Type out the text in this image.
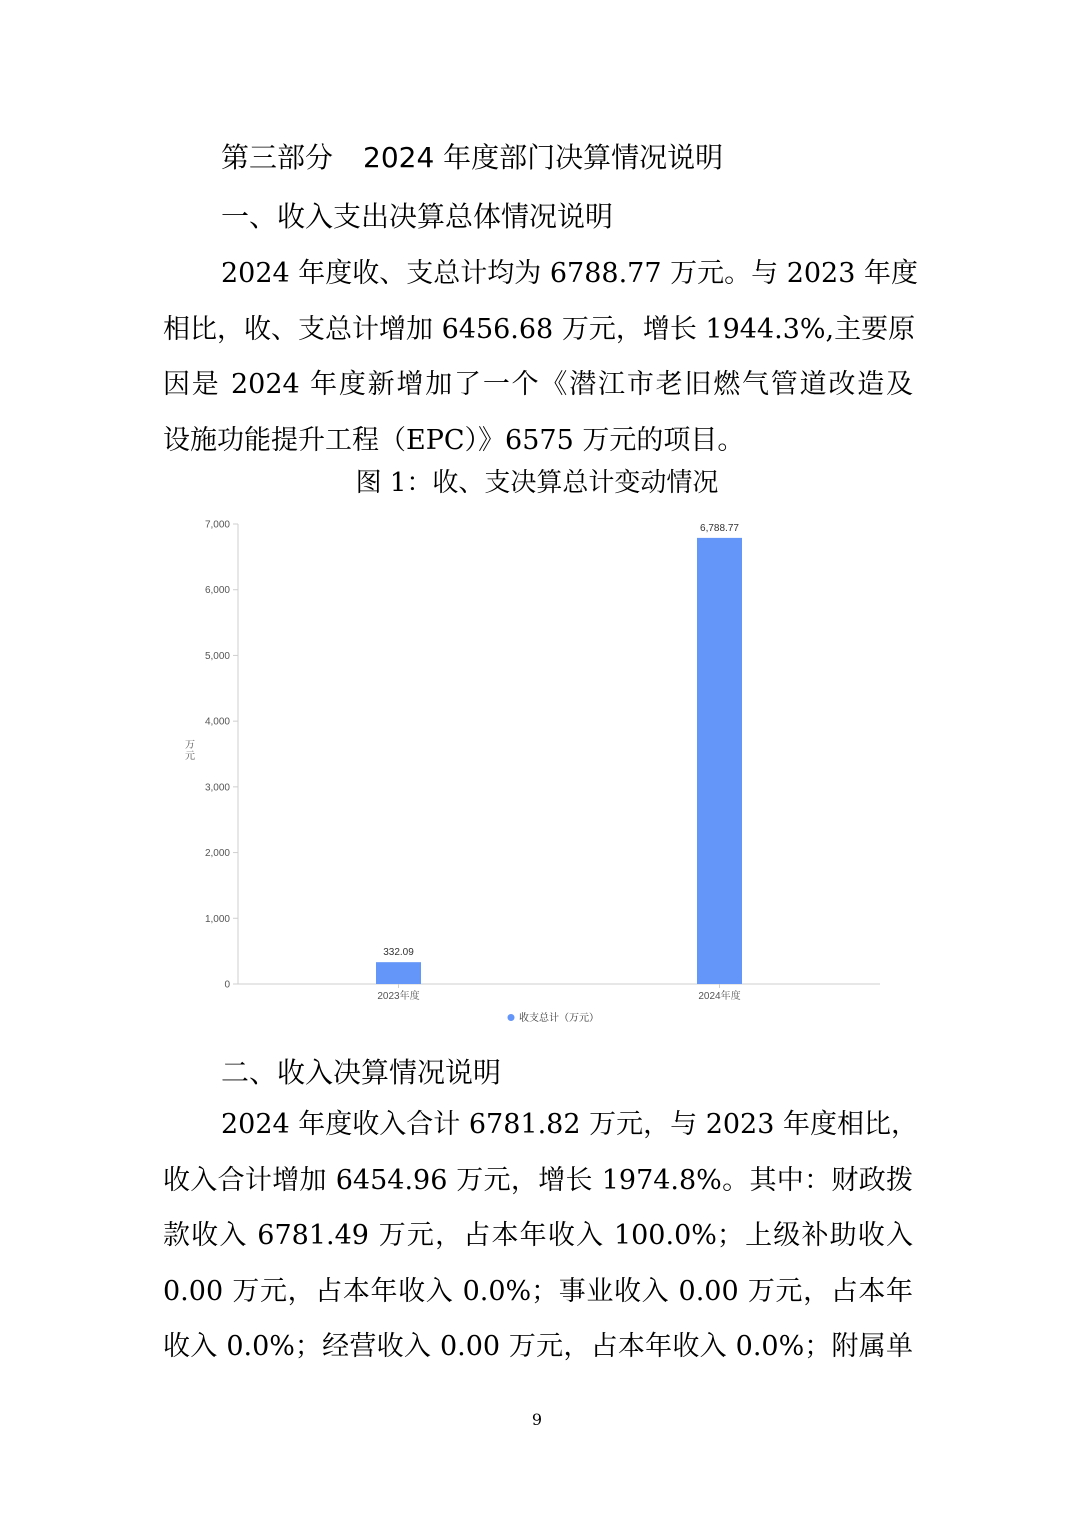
第三部分 2024 年度部门决算情况说明
一、收入支出决算总体情况说明
2024 年度收、支总计均为 6788.77 万元。与 2023 年度
相比，收、支总计增加 6456.68 万元，增长 1944.3%,主要原
因是 2024 年度新增加了一个《潜江市老旧燃气管道改造及
设施功能提升工程（EPC）》6575 万元的项目。
图 1：收、支决算总计变动情况
0
1,000
2,000
3,000
4,000
5,000
6,000
7,000
万元
332.09
2023年度
6,788.77
2024年度
收支总计（万元）
二、收入决算情况说明
2024 年度收入合计 6781.82 万元，与 2023 年度相比，
收入合计增加 6454.96 万元，增长 1974.8%。其中：财政拨
款收入 6781.49 万元，占本年收入 100.0%；上级补助收入
0.00 万元，占本年收入 0.0%；事业收入 0.00 万元，占本年
收入 0.0%；经营收入 0.00 万元，占本年收入 0.0%；附属单
9
